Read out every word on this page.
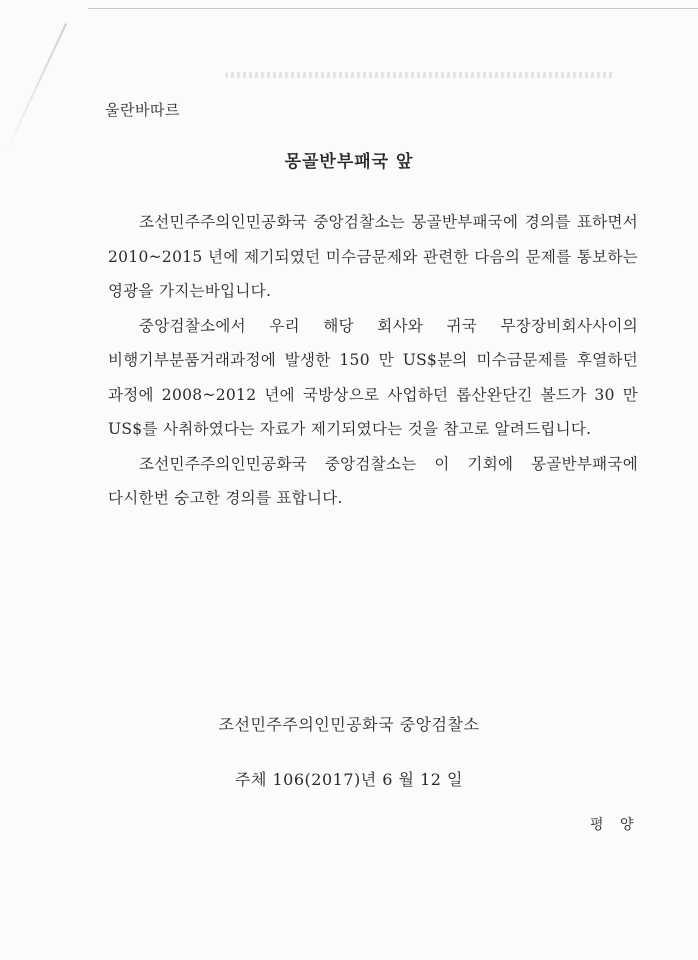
울란바따르
몽골반부패국 앞

조선민주주의인민공화국 중앙검찰소는 몽골반부패국에 경의를 표하면서 2010~2015 년에 제기되였던 미수금문제와 관련한 다음의 문제를 통보하는 영광을 가지는바입니다.

중앙검찰소에서 우리 해당 회사와 귀국 무장장비회사사이의 비행기부분품거래과정에 발생한 150 만 US$분의 미수금문제를 후열하던 과정에 2008~2012 년에 국방상으로 사업하던 롭산완단긴 볼드가 30 만 US$를 사취하였다는 자료가 제기되였다는 것을 참고로 알려드립니다.

조선민주주의인민공화국 중앙검찰소는 이 기회에 몽골반부패국에 다시한번 숭고한 경의를 표합니다.

조선민주주의인민공화국 중앙검찰소
주체 106(2017)년 6 월 12 일
평 양
